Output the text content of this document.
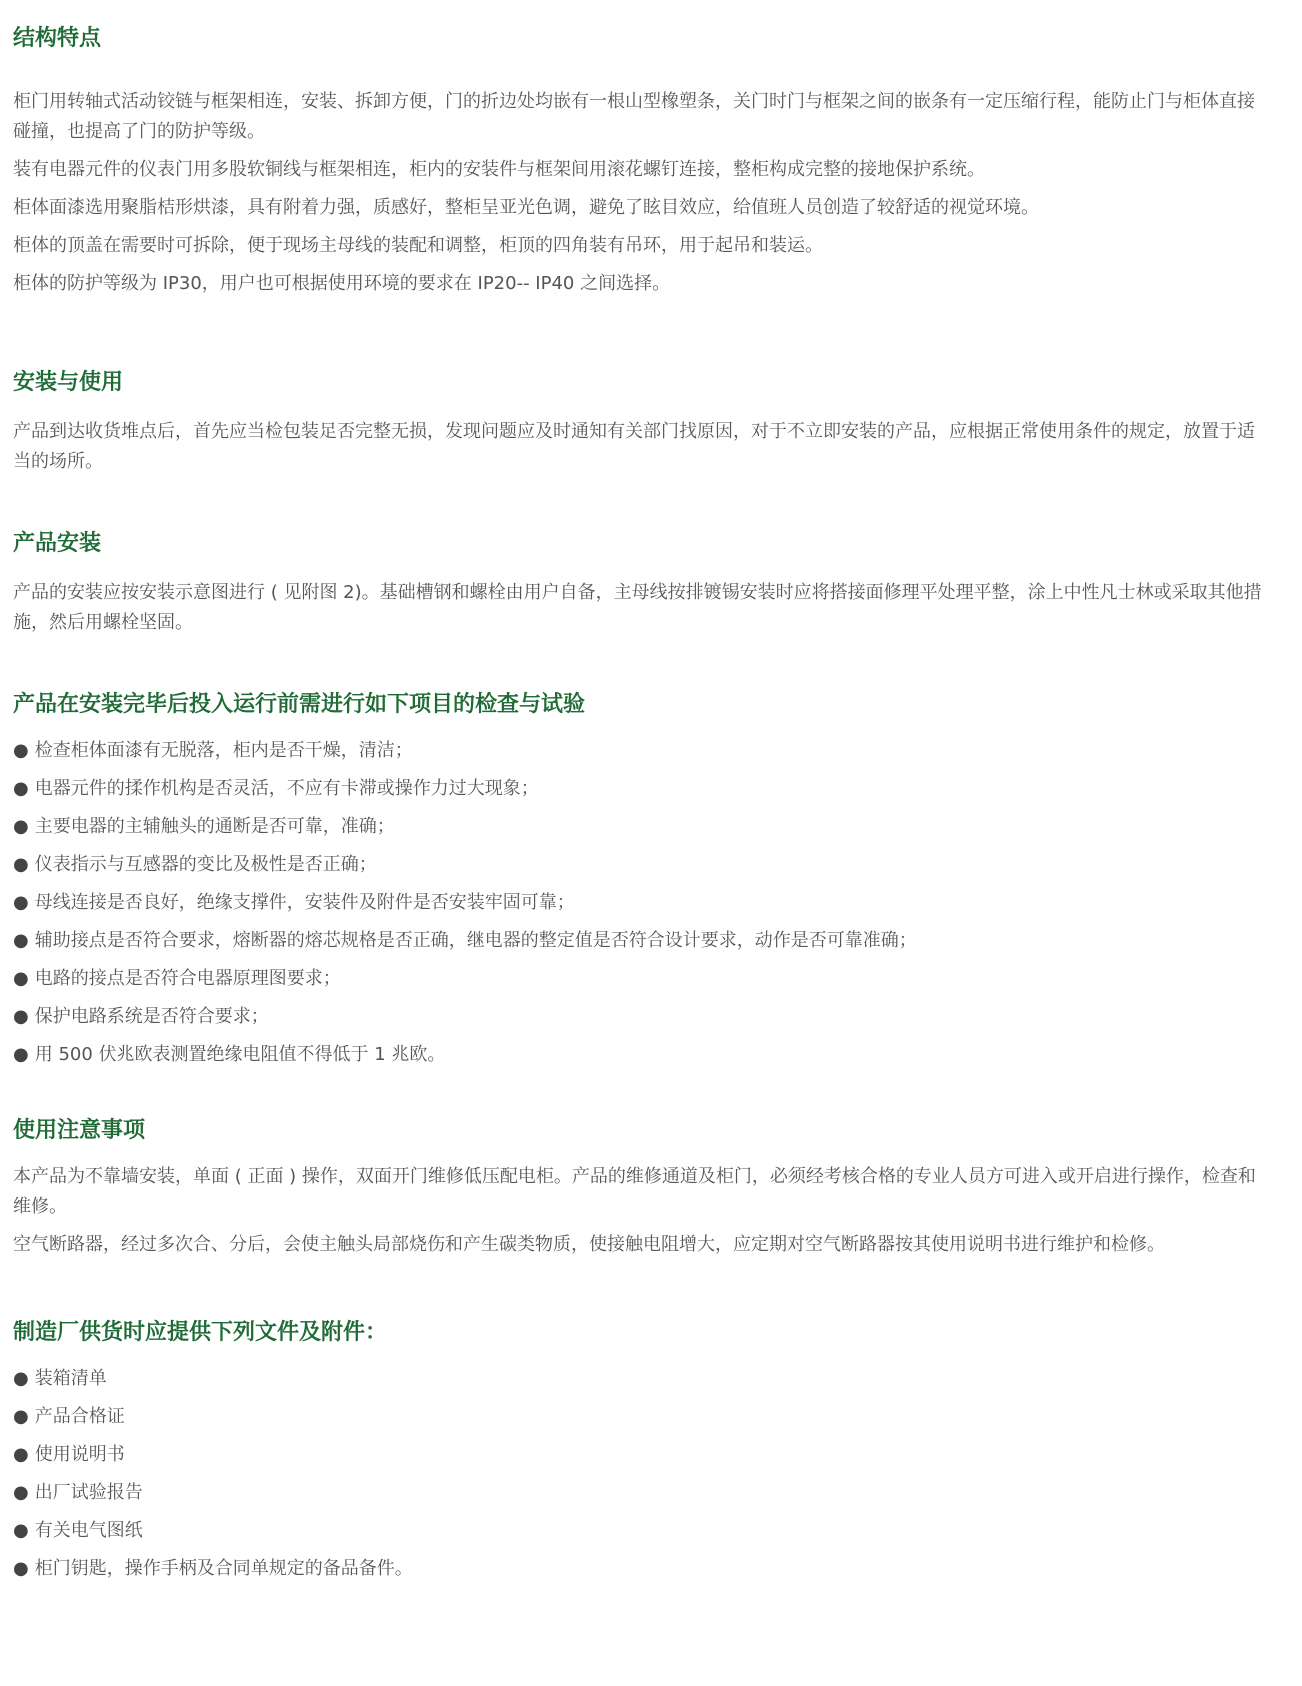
结构特点

柜门用转轴式活动铰链与框架相连，安装、拆卸方便，门的折边处均嵌有一根山型橡塑条，关门时门与框架之间的嵌条有一定压缩行程，能防止门与柜体直接碰撞，也提高了门的防护等级。

装有电器元件的仪表门用多股软铜线与框架相连，柜内的安装件与框架间用滚花螺钉连接，整柜构成完整的接地保护系统。

柜体面漆选用聚脂桔形烘漆，具有附着力强，质感好，整柜呈亚光色调，避免了眩目效应，给值班人员创造了较舒适的视觉环境。

柜体的顶盖在需要时可拆除，便于现场主母线的装配和调整，柜顶的四角装有吊环，用于起吊和装运。

柜体的防护等级为 IP30，用户也可根据使用环境的要求在 IP20-- IP40 之间选择。

安装与使用

产品到达收货堆点后，首先应当检包装足否完整无损，发现问题应及时通知有关部门找原因，对于不立即安装的产品，应根据正常使用条件的规定，放置于适当的场所。

产品安装

产品的安装应按安装示意图进行 ( 见附图 2)。基础槽钢和螺栓由用户自备，主母线按排镀锡安装时应将搭接面修理平处理平整，涂上中性凡士林或采取其他措施，然后用螺栓坚固。

产品在安装完毕后投入运行前需进行如下项目的检查与试验
● 检查柜体面漆有无脱落，柜内是否干燥，清洁；
● 电器元件的揉作机构是否灵活，不应有卡滞或操作力过大现象；
● 主要电器的主辅触头的通断是否可靠，准确；
● 仪表指示与互感器的变比及极性是否正确；
● 母线连接是否良好，绝缘支撑件，安装件及附件是否安装牢固可靠；
● 辅助接点是否符合要求，熔断器的熔芯规格是否正确，继电器的整定值是否符合设计要求，动作是否可靠准确；
● 电路的接点是否符合电器原理图要求；
● 保护电路系统是否符合要求；
● 用 500 伏兆欧表测置绝缘电阻值不得低于 1 兆欧。
使用注意事项

本产品为不靠墙安装，单面 ( 正面 ) 操作，双面开门维修低压配电柜。产品的维修通道及柜门，必须经考核合格的专业人员方可进入或开启进行操作，检查和维修。

空气断路器，经过多次合、分后，会使主触头局部烧伤和产生碳类物质，使接触电阻增大，应定期对空气断路器按其使用说明书进行维护和检修。

制造厂供货时应提供下列文件及附件：
● 装箱清单
● 产品合格证
● 使用说明书
● 出厂试验报告
● 有关电气图纸
● 柜门钥匙，操作手柄及合同单规定的备品备件。
